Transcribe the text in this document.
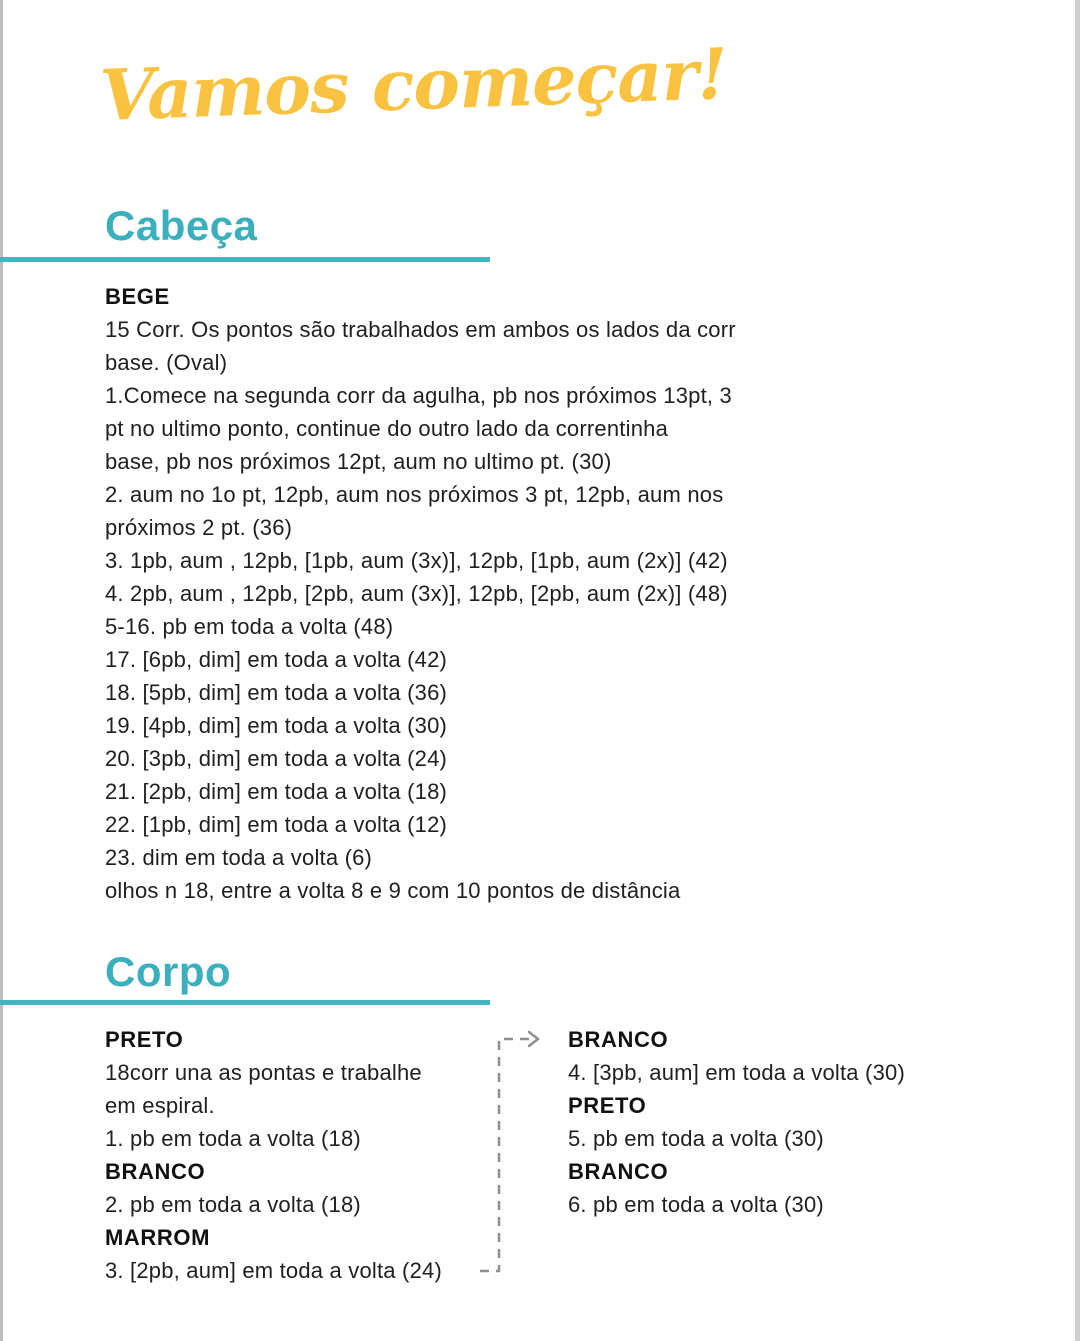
Vamos começar!
Cabeça
BEGE
15 Corr. Os pontos são trabalhados em ambos os lados da corr
base. (Oval)
1.Comece na segunda corr da agulha, pb nos próximos 13pt, 3
pt no ultimo ponto, continue do outro lado da correntinha
base, pb nos próximos 12pt, aum no ultimo pt. (30)
2. aum no 1o pt, 12pb, aum nos próximos 3 pt, 12pb, aum nos
próximos 2 pt. (36)
3. 1pb, aum , 12pb, [1pb, aum (3x)], 12pb, [1pb, aum (2x)] (42)
4. 2pb, aum , 12pb, [2pb, aum (3x)], 12pb, [2pb, aum (2x)] (48)
5-16. pb em toda a volta (48)
17. [6pb, dim] em toda a volta (42)
18. [5pb, dim] em toda a volta (36)
19. [4pb, dim] em toda a volta (30)
20. [3pb, dim] em toda a volta (24)
21. [2pb, dim] em toda a volta (18)
22. [1pb, dim] em toda a volta (12)
23. dim em toda a volta (6)
olhos n 18, entre a volta 8 e 9 com 10 pontos de distância
Corpo
PRETO
18corr una as pontas e trabalhe
em espiral.
1. pb em toda a volta (18)
BRANCO
2. pb em toda a volta (18)
MARROM
3. [2pb, aum] em toda a volta (24)
BRANCO
4. [3pb, aum] em toda a volta (30)
PRETO
5. pb em toda a volta (30)
BRANCO
6. pb em toda a volta (30)
